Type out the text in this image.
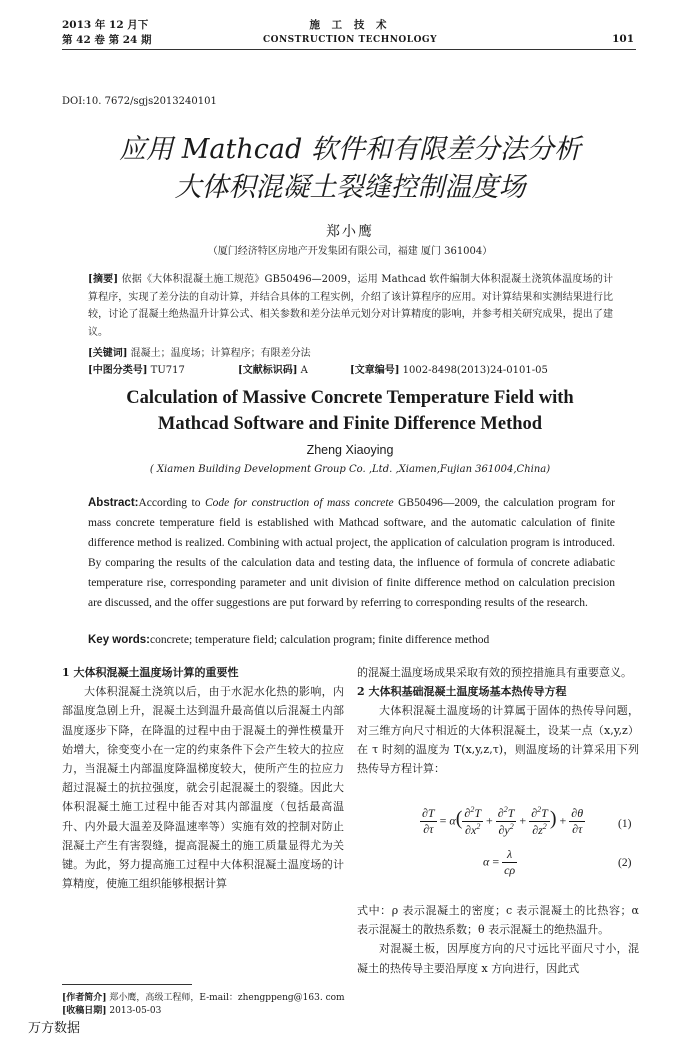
2013 年 12 月下
第 42 卷 第 24 期
施 工 技 术
CONSTRUCTION TECHNOLOGY	101
DOI:10. 7672/sgjs2013240101
应用 Mathcad 软件和有限差分法分析
大体积混凝土裂缝控制温度场
郑小鹰
（厦门经济特区房地产开发集团有限公司，福建 厦门 361004）
[摘要] 依据《大体积混凝土施工规范》GB50496—2009，运用 Mathcad 软件编制大体积混凝土浇筑体温度场的计算程序，实现了差分法的自动计算，并结合具体的工程实例，介绍了该计算程序的应用。对计算结果和实测结果进行比较，讨论了混凝土绝热温升计算公式、相关参数和差分法单元划分对计算精度的影响，并参考相关研究成果，提出了建议。
[关键词] 混凝土；温度场；计算程序；有限差分法
[中图分类号] TU717	[文献标识码] A	[文章编号] 1002-8498(2013)24-0101-05
Calculation of Massive Concrete Temperature Field with
Mathcad Software and Finite Difference Method
Zheng Xiaoying
( Xiamen Building Development Group Co. ,Ltd. ,Xiamen,Fujian 361004,China)
Abstract:According to Code for construction of mass concrete GB50496—2009, the calculation program for mass concrete temperature field is established with Mathcad software, and the automatic calculation of finite difference method is realized. Combining with actual project, the application of calculation program is introduced. By comparing the results of the calculation data and testing data, the influence of formula of concrete adiabatic temperature rise, corresponding parameter and unit division of finite difference method on calculation precision are discussed, and the offer suggestions are put forward by referring to corresponding results of the research.
Key words:concrete; temperature field; calculation program; finite difference method

1 大体积混凝土温度场计算的重要性

大体积混凝土浇筑以后，由于水泥水化热的影响，内部温度急剧上升，混凝土达到温升最高值以后混凝土内部温度逐步下降，在降温的过程中由于混凝土的弹性模量开始增大，徐变变小在一定的约束条件下会产生较大的拉应力，当混凝土内部温度降温梯度较大，使所产生的拉应力超过混凝土的抗拉强度，就会引起混凝土的裂缝。因此大体积混凝土施工过程中能否对其内部温度（包括最高温升、内外最大温差及降温速率等）实施有效的控制对防止混凝土产生有害裂缝，提高混凝土的施工质量显得尤为关键。为此，努力提高施工过程中大体积混凝土温度场的计算精度，使施工组织能够根据计算

的混凝土温度场成果采取有效的预控措施具有重要意义。

2 大体积基础混凝土温度场基本热传导方程

大体积混凝土温度场的计算属于固体的热传导问题，对三维方向尺寸相近的大体积混凝土，设某一点（x,y,z）在 τ 时刻的温度为 T(x,y,z,τ)，则温度场的计算采用下列热传导方程计算：

$\frac{\partial T}{\partial\tau} = \alpha( \frac{\partial^2T}{\partial x^2} + \frac{\partial^2T}{\partial y^2} + \frac{\partial^2T}{\partial z^2}$ ) + $\frac{\partial\theta}{\partial\tau}$	(1)
$\alpha = \frac{\lambda}{c\rho}$	(2)

式中：ρ 表示混凝土的密度；c 表示混凝土的比热容；α 表示混凝土的散热系数；θ 表示混凝土的绝热温升。

对混凝土板，因厚度方向的尺寸远比平面尺寸小，混凝土的热传导主要沿厚度 x 方向进行，因此式

[作者简介] 郑小鹰，高级工程师，E-mail：zhengppeng@163. com
[收稿日期] 2013-05-03
万方数据
